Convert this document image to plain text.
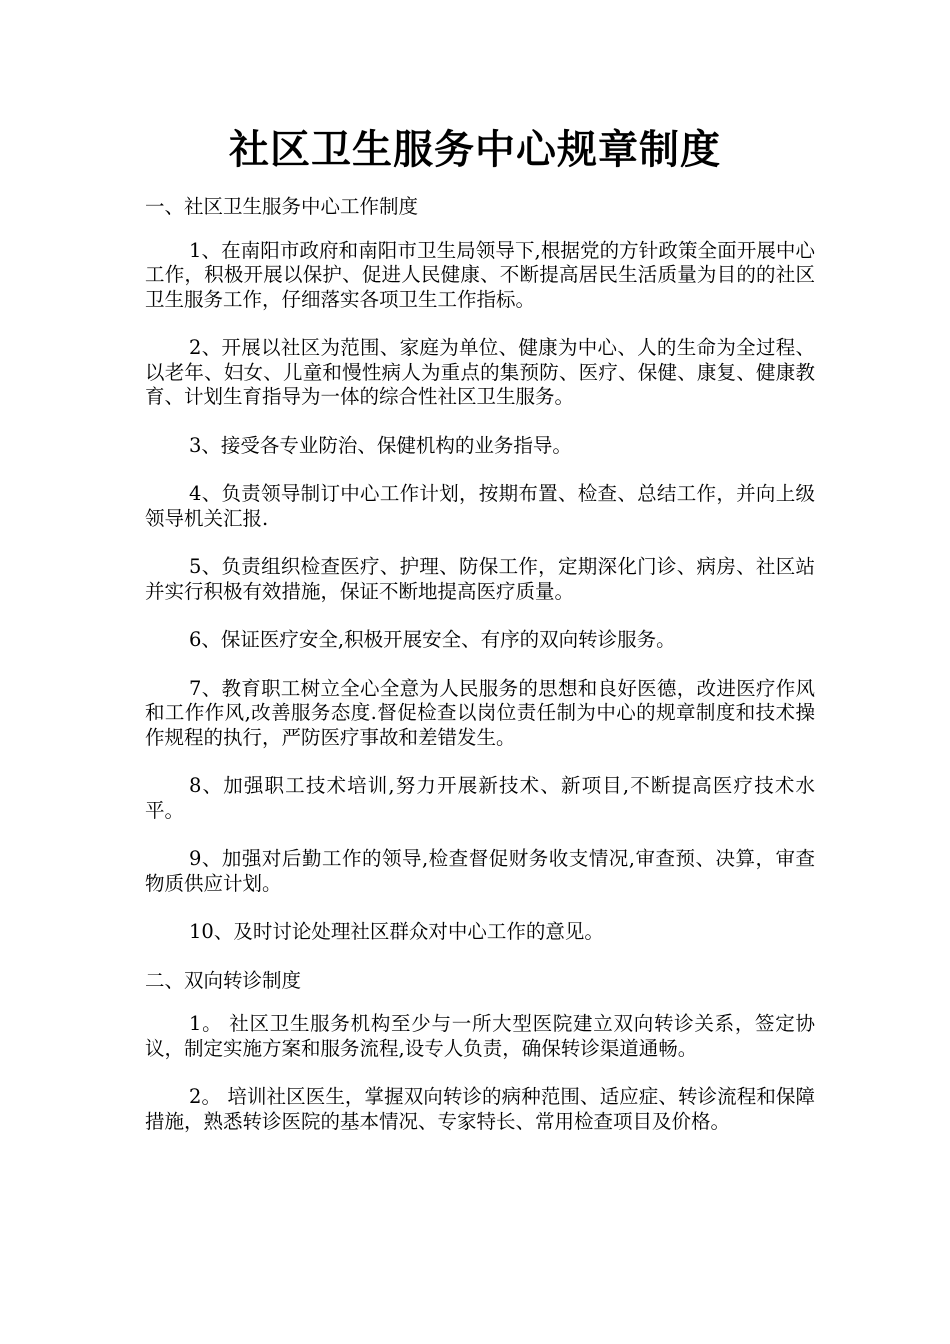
社区卫生服务中心规章制度
一、社区卫生服务中心工作制度

1、在南阳市政府和南阳市卫生局领导下,根据党的方针政策全面开展中心工作，积极开展以保护、促进人民健康、不断提高居民生活质量为目的的社区卫生服务工作，仔细落实各项卫生工作指标。

2、开展以社区为范围、家庭为单位、健康为中心、人的生命为全过程、以老年、妇女、儿童和慢性病人为重点的集预防、医疗、保健、康复、健康教育、计划生育指导为一体的综合性社区卫生服务。

3、接受各专业防治、保健机构的业务指导。

4、负责领导制订中心工作计划，按期布置、检查、总结工作，并向上级领导机关汇报.

5、负责组织检查医疗、护理、防保工作，定期深化门诊、病房、社区站并实行积极有效措施，保证不断地提高医疗质量。

6、保证医疗安全,积极开展安全、有序的双向转诊服务。

7、教育职工树立全心全意为人民服务的思想和良好医德，改进医疗作风和工作作风,改善服务态度.督促检查以岗位责任制为中心的规章制度和技术操作规程的执行，严防医疗事故和差错发生。

8、加强职工技术培训,努力开展新技术、新项目,不断提高医疗技术水平。

9、加强对后勤工作的领导,检查督促财务收支情况,审查预、决算，审查物质供应计划。

10、及时讨论处理社区群众对中心工作的意见。

二、双向转诊制度

1。 社区卫生服务机构至少与一所大型医院建立双向转诊关系，签定协议，制定实施方案和服务流程,设专人负责，确保转诊渠道通畅。

2。 培训社区医生，掌握双向转诊的病种范围、适应症、转诊流程和保障措施，熟悉转诊医院的基本情况、专家特长、常用检查项目及价格。
